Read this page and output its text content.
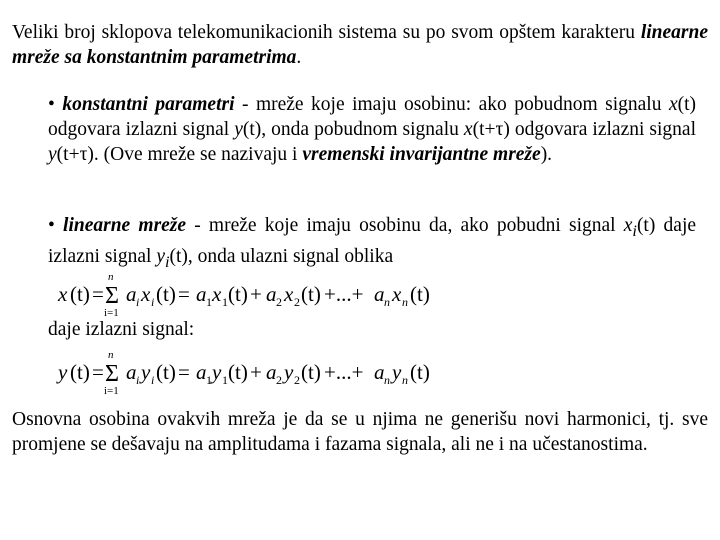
Veliki broj sklopova telekomunikacionih sistema su po svom opštem karakteru linearne mreže sa konstantnim parametrima.
• konstantni parametri - mreže koje imaju osobinu: ako pobudnom signalu x(t) odgovara izlazni signal y(t), onda pobudnom signalu x(t+τ) odgovara izlazni signal y(t+τ). (Ove mreže se nazivaju i vremenski invarijantne mreže).
• linearne mreže - mreže koje imaju osobinu da, ako pobudni signal $x_i(t)$ daje izlazni signal $y_i(t)$, onda ulazni signal oblika
x (t) =
n
Σ
i=1
a i x i (t) = a 1 x 1 (t) + a 2 x 2 (t) +...+ a n x n (t)
daje izlazni signal:
y (t) =
n
Σ
i=1
a i y i (t) = a 1 y 1 (t) + a 2 y 2 (t) +...+ a n y n (t)
Osnovna osobina ovakvih mreža je da se u njima ne generišu novi harmonici, tj. sve promjene se dešavaju na amplitudama i fazama signala, ali ne i na učestanostima.
